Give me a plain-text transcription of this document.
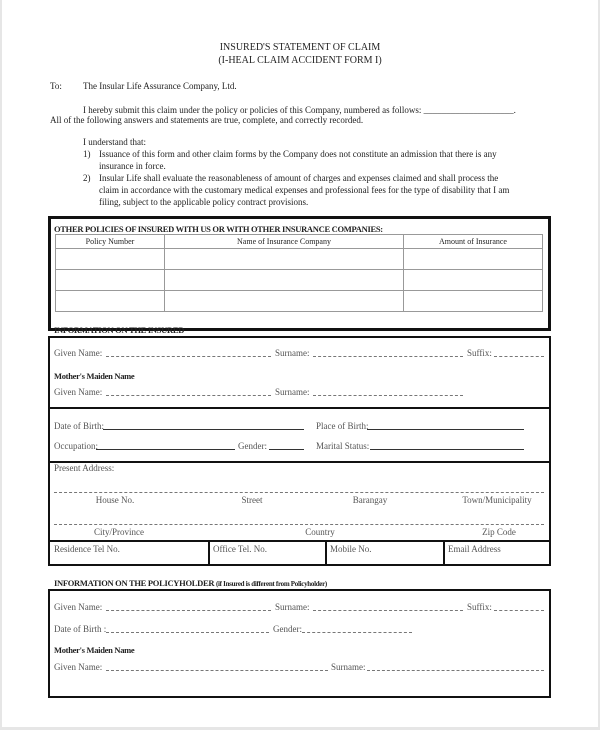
INSURED'S STATEMENT OF CLAIM
(I-HEAL CLAIM ACCIDENT FORM I)
To: The Insular Life Assurance Company, Ltd.
I hereby submit this claim under the policy or policies of this Company, numbered as follows: ____________________.
All of the following answers and statements are true, complete, and correctly recorded.
I understand that:
1) Issuance of this form and other claim forms by the Company does not constitute an admission that there is any
insurance in force.
2) Insular Life shall evaluate the reasonableness of amount of charges and expenses claimed and shall process the
claim in accordance with the customary medical expenses and professional fees for the type of disability that I am
filing, subject to the applicable policy contract provisions.
OTHER POLICIES OF INSURED WITH US OR WITH OTHER INSURANCE COMPANIES:
Policy Number	Name of Insurance Company	Amount of Insurance

INFORMATION ON THE INSURED
Given Name:	Surname:	Suffix:
Mother's Maiden Name
Given Name:	Surname:
Date of Birth:	Place of Birth:
Occupation:	Gender:	Marital Status:
Present Address:
House No.	Street	Barangay	Town/Municipality
City/Province	Country	Zip Code
Residence Tel No.	Office Tel. No.	Mobile No.	Email Address
INFORMATION ON THE POLICYHOLDER (if Insured is different from Policyholder)
Given Name:	Surname:	Suffix:
Date of Birth :	Gender:
Mother's Maiden Name
Given Name:	Surname:
